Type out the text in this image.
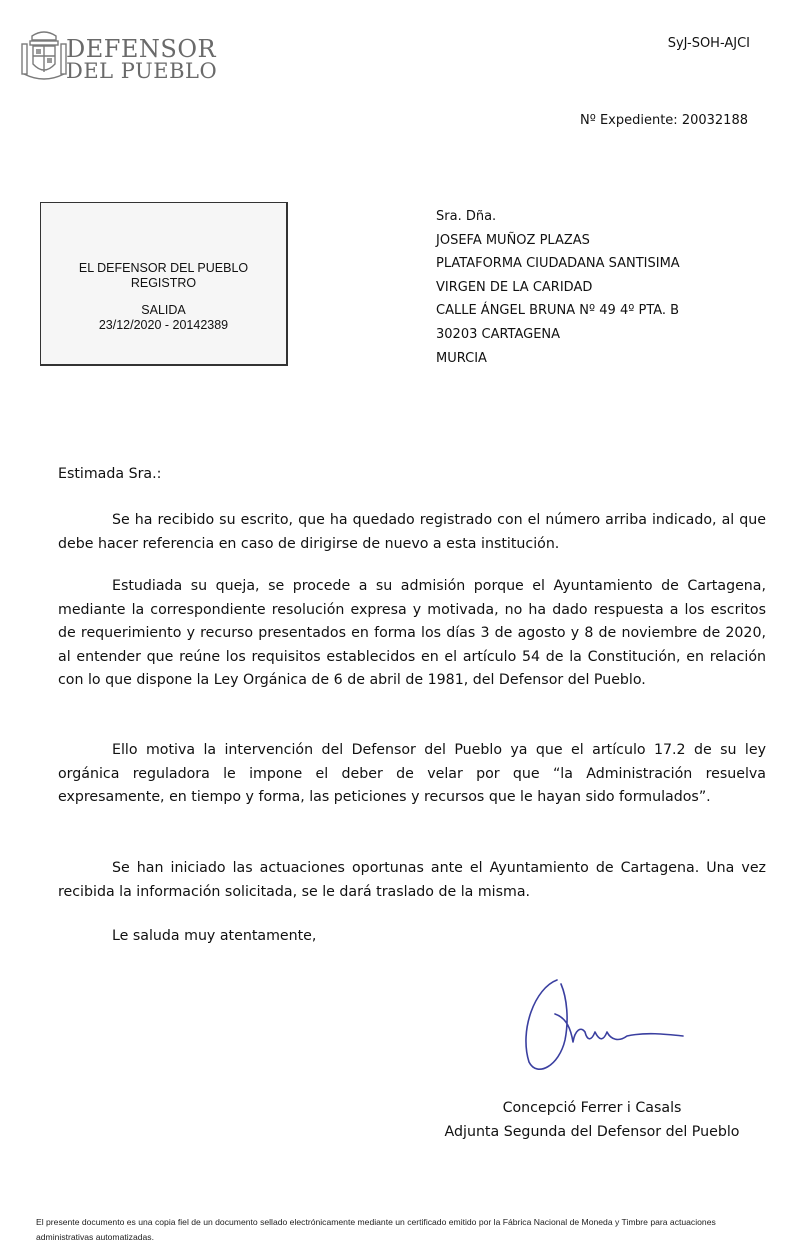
DEFENSOR
DEL PUEBLO
SyJ-SOH-AJCI
Nº Expediente: 20032188
EL DEFENSOR DEL PUEBLO
REGISTRO
SALIDA
23/12/2020 - 20142389
Sra. Dña.
JOSEFA MUÑOZ PLAZAS
PLATAFORMA CIUDADANA SANTISIMA
VIRGEN DE LA CARIDAD
CALLE ÁNGEL BRUNA Nº 49 4º PTA. B
30203 CARTAGENA
MURCIA
Estimada Sra.:

Se ha recibido su escrito, que ha quedado registrado con el número arriba indicado, al que debe hacer referencia en caso de dirigirse de nuevo a esta institución.

Estudiada su queja, se procede a su admisión porque el Ayuntamiento de Cartagena, mediante la correspondiente resolución expresa y motivada, no ha dado respuesta a los escritos de requerimiento y recurso presentados en forma los días 3 de agosto y 8 de noviembre de 2020, al entender que reúne los requisitos establecidos en el artículo 54 de la Constitución, en relación con lo que dispone la Ley Orgánica de 6 de abril de 1981, del Defensor del Pueblo.

Ello motiva la intervención del Defensor del Pueblo ya que el artículo 17.2 de su ley orgánica reguladora le impone el deber de velar por que “la Administración resuelva expresamente, en tiempo y forma, las peticiones y recursos que le hayan sido formulados”.

Se han iniciado las actuaciones oportunas ante el Ayuntamiento de Cartagena. Una vez recibida la información solicitada, se le dará traslado de la misma.

Le saluda muy atentamente,
Concepció Ferrer i Casals
Adjunta Segunda del Defensor del Pueblo
El presente documento es una copia fiel de un documento sellado electrónicamente mediante un certificado emitido por la Fábrica Nacional de Moneda y Timbre para actuaciones administrativas automatizadas.
